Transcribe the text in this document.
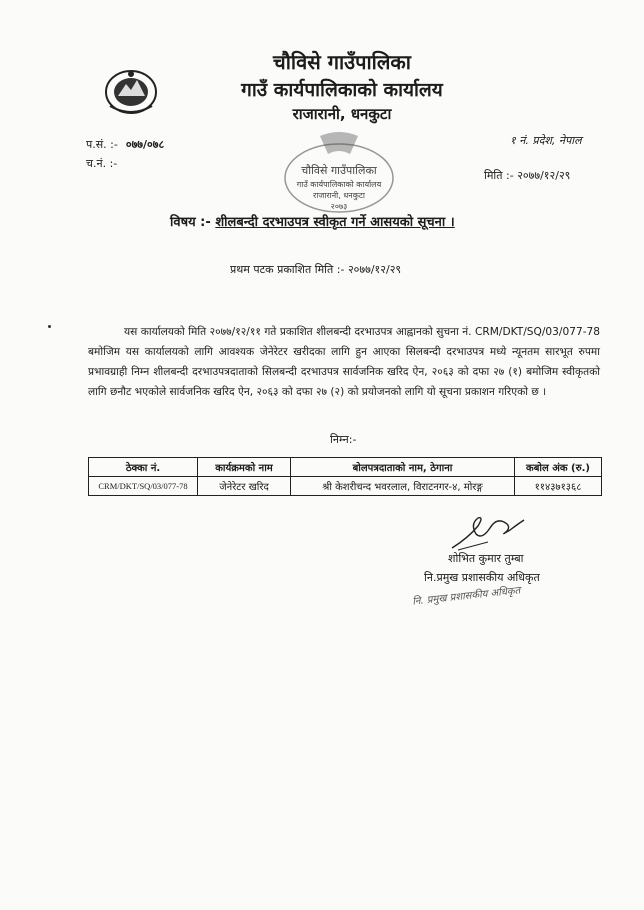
चौविसे गाउँपालिका
गाउँ कार्यपालिकाको कार्यालय
राजारानी, धनकुटा
प.सं. :- ०७७/०७८
च.नं. :-
१ नं. प्रदेश, नेपाल
मिति :- २०७७/१२/२९
चौविसे गाउँपालिका
गाउँ कार्यपालिकाको कार्यालय
राजारानी, धनकुटा
२०७३
विषय :- शीलबन्दी दरभाउपत्र स्वीकृत गर्ने आसयको सूचना ।
प्रथम पटक प्रकाशित मिति :- २०७७/१२/२९
यस कार्यालयको मिति २०७७/१२/११ गते प्रकाशित शीलबन्दी दरभाउपत्र आह्वानको सुचना नं. CRM/DKT/SQ/03/077-78 बमोजिम यस कार्यालयको लागि आवश्यक जेनेरेटर खरीदका लागि हुन आएका सिलबन्दी दरभाउपत्र मध्ये न्यूनतम सारभूत रुपमा प्रभावग्राही निम्न शीलबन्दी दरभाउपत्रदाताको सिलबन्दी दरभाउपत्र सार्वजनिक खरिद ऐन, २०६३ को दफा २७ (१) बमोजिम स्वीकृतको लागि छनौट भएकोले सार्वजनिक खरिद ऐन, २०६३ को दफा २७ (२) को प्रयोजनको लागि यो सूचना प्रकाशन गरिएको छ ।
निम्न:-
ठेक्का नं.	कार्यक्रमको नाम	बोलपत्रदाताको नाम, ठेगाना	कबोल अंक (रु.)
CRM/DKT/SQ/03/077-78	जेनेरेटर खरिद	श्री केशरीचन्द भवरलाल, विराटनगर-४, मोरङ्ग	११४३७१३६८
शोभित कुमार तुम्बा
नि.प्रमुख प्रशासकीय अधिकृत
नि. प्रमुख प्रशासकीय अधिकृत
